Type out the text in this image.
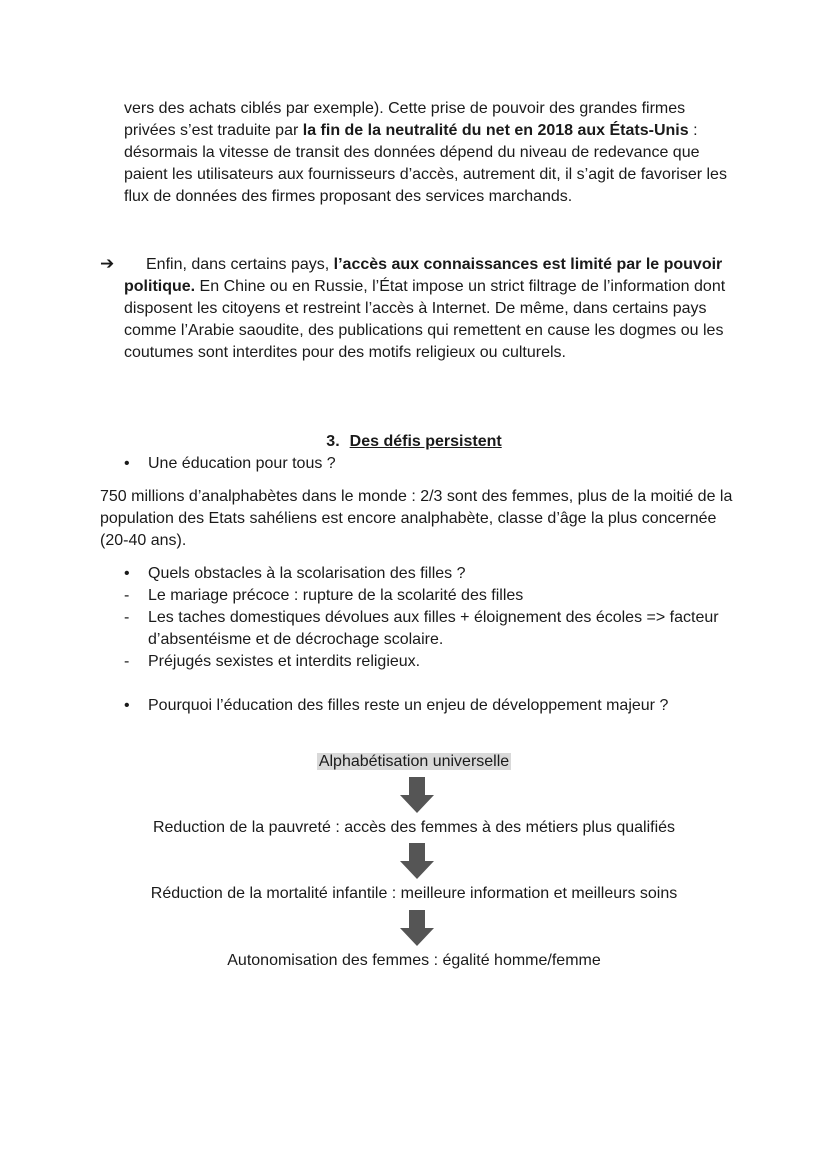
vers des achats ciblés par exemple). Cette prise de pouvoir des grandes firmes privées s’est traduite par la fin de la neutralité du net en 2018 aux États-Unis : désormais la vitesse de transit des données dépend du niveau de redevance que paient les utilisateurs aux fournisseurs d’accès, autrement dit, il s’agit de favoriser les flux de données des firmes proposant des services marchands.

➔	Enfin, dans certains pays, l’accès aux connaissances est limité par le pouvoir politique. En Chine ou en Russie, l’État impose un strict filtrage de l’information dont disposent les citoyens et restreint l’accès à Internet. De même, dans certains pays comme l’Arabie saoudite, des publications qui remettent en cause les dogmes ou les coutumes sont interdites pour des motifs religieux ou culturels.

3. Des défis persistent
•	Une éducation pour tous ?

750 millions d’analphabètes dans le monde : 2/3 sont des femmes, plus de la moitié de la population des Etats sahéliens est encore analphabète, classe d’âge la plus concernée (20-40 ans).

•	Quels obstacles à la scolarisation des filles ?
-	Le mariage précoce : rupture de la scolarité des filles
-	Les taches domestiques dévolues aux filles + éloignement des écoles => facteur d’absentéisme et de décrochage scolaire.
-	Préjugés sexistes et interdits religieux.
•	Pourquoi l’éducation des filles reste un enjeu de développement majeur ?
Alphabétisation universelle
Reduction de la pauvreté : accès des femmes à des métiers plus qualifiés
Réduction de la mortalité infantile : meilleure information et meilleurs soins
Autonomisation des femmes : égalité homme/femme
